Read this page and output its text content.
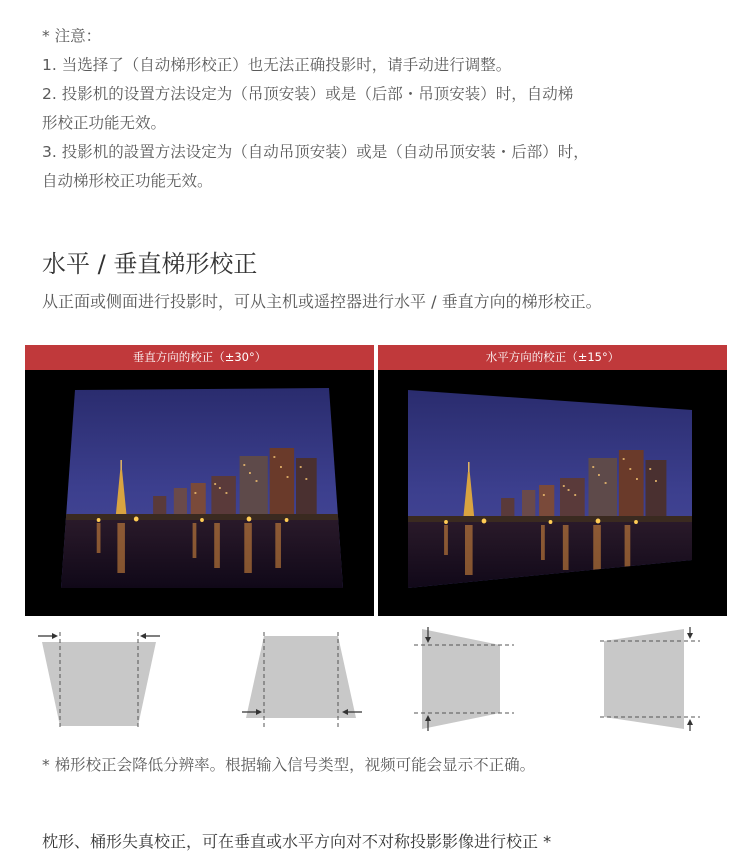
* 注意：

1. 当选择了（自动梯形校正）也无法正确投影时，请手动进行调整。

2. 投影机的设置方法设定为（吊顶安装）或是（后部・吊顶安装）时，自动梯

形校正功能无效。

3. 投影机的設置方法设定为（自动吊顶安装）或是（自动吊顶安装・后部）时，

自动梯形校正功能无效。

水平 / 垂直梯形校正
从正面或侧面进行投影时，可从主机或遥控器进行水平 / 垂直方向的梯形校正。
垂直方向的校正（±30°）	水平方向的校正（±15°）
* 梯形校正会降低分辨率。根据输入信号类型，视频可能会显示不正确。
枕形、桶形失真校正，可在垂直或水平方向对不对称投影影像进行校正 *
